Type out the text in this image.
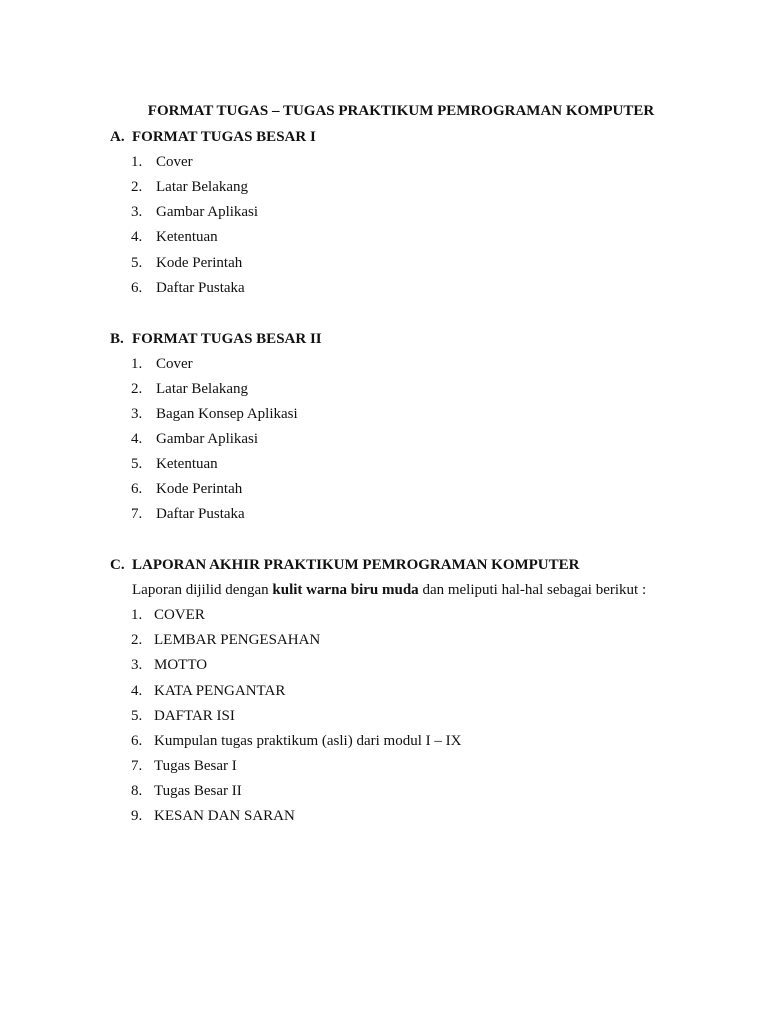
FORMAT TUGAS – TUGAS PRAKTIKUM PEMROGRAMAN KOMPUTER
A. FORMAT TUGAS BESAR I
1. Cover
2. Latar Belakang
3. Gambar Aplikasi
4. Ketentuan
5. Kode Perintah
6. Daftar Pustaka
B. FORMAT TUGAS BESAR II
1. Cover
2. Latar Belakang
3. Bagan Konsep Aplikasi
4. Gambar Aplikasi
5. Ketentuan
6. Kode Perintah
7. Daftar Pustaka
C. LAPORAN AKHIR PRAKTIKUM PEMROGRAMAN KOMPUTER
Laporan dijilid dengan kulit warna biru muda dan meliputi hal-hal sebagai berikut :
1. COVER
2. LEMBAR PENGESAHAN
3. MOTTO
4. KATA PENGANTAR
5. DAFTAR ISI
6. Kumpulan tugas praktikum (asli) dari modul I – IX
7. Tugas Besar I
8. Tugas Besar II
9. KESAN DAN SARAN
